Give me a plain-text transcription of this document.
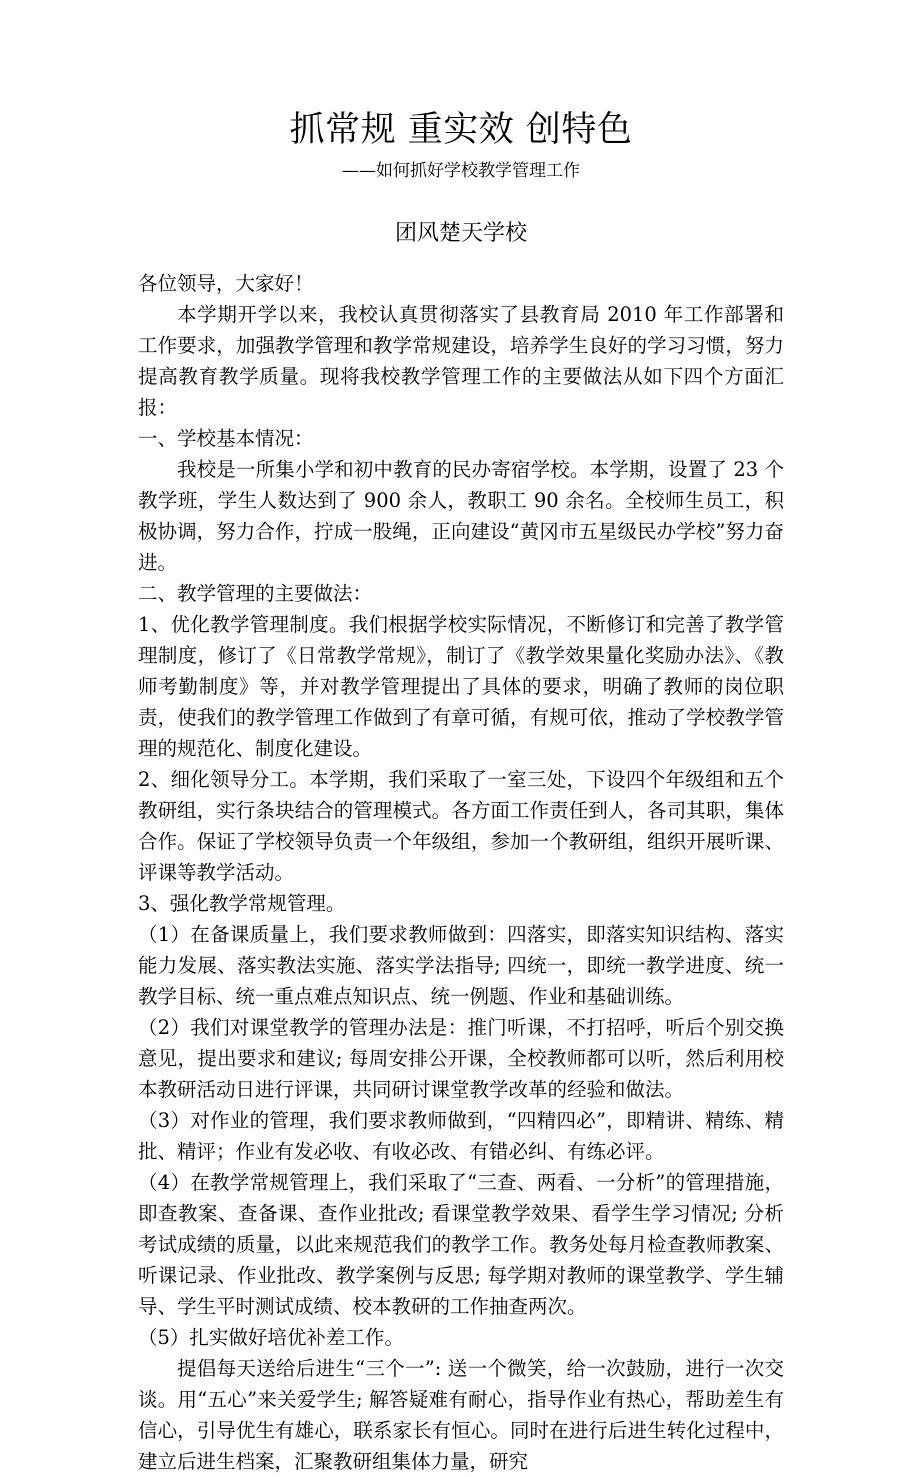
抓常规 重实效 创特色
——如何抓好学校教学管理工作
团风楚天学校

各位领导，大家好！

本学期开学以来，我校认真贯彻落实了县教育局 2010 年工作部署和工作要求，加强教学管理和教学常规建设，培养学生良好的学习习惯，努力提高教育教学质量。现将我校教学管理工作的主要做法从如下四个方面汇报：

一、学校基本情况：

我校是一所集小学和初中教育的民办寄宿学校。本学期，设置了 23 个教学班，学生人数达到了 900 余人，教职工 90 余名。全校师生员工，积极协调，努力合作，拧成一股绳，正向建设“黄冈市五星级民办学校”努力奋进。

二、教学管理的主要做法：

1、优化教学管理制度。我们根据学校实际情况，不断修订和完善了教学管理制度，修订了《日常教学常规》，制订了《教学效果量化奖励办法》、《教师考勤制度》等，并对教学管理提出了具体的要求，明确了教师的岗位职责，使我们的教学管理工作做到了有章可循，有规可依，推动了学校教学管理的规范化、制度化建设。

2、细化领导分工。本学期，我们采取了一室三处，下设四个年级组和五个教研组，实行条块结合的管理模式。各方面工作责任到人，各司其职，集体合作。保证了学校领导负责一个年级组，参加一个教研组，组织开展听课、评课等教学活动。

3、强化教学常规管理。

（1）在备课质量上，我们要求教师做到：四落实，即落实知识结构、落实能力发展、落实教法实施、落实学法指导; 四统一，即统一教学进度、统一教学目标、统一重点难点知识点、统一例题、作业和基础训练。

（2）我们对课堂教学的管理办法是：推门听课，不打招呼，听后个别交换意见，提出要求和建议; 每周安排公开课，全校教师都可以听，然后利用校本教研活动日进行评课，共同研讨课堂教学改革的经验和做法。

（3）对作业的管理，我们要求教师做到，“四精四必”，即精讲、精练、精批、精评；作业有发必收、有收必改、有错必纠、有练必评。

（4）在教学常规管理上，我们采取了“三查、两看、一分析”的管理措施，即查教案、查备课、查作业批改; 看课堂教学效果、看学生学习情况; 分析考试成绩的质量，以此来规范我们的教学工作。教务处每月检查教师教案、听课记录、作业批改、教学案例与反思; 每学期对教师的课堂教学、学生辅导、学生平时测试成绩、校本教研的工作抽查两次。

（5）扎实做好培优补差工作。

提倡每天送给后进生“三个一”: 送一个微笑，给一次鼓励，进行一次交谈。用“五心”来关爱学生; 解答疑难有耐心，指导作业有热心，帮助差生有信心，引导优生有雄心，联系家长有恒心。同时在进行后进生转化过程中，建立后进生档案，汇聚教研组集体力量，研究
